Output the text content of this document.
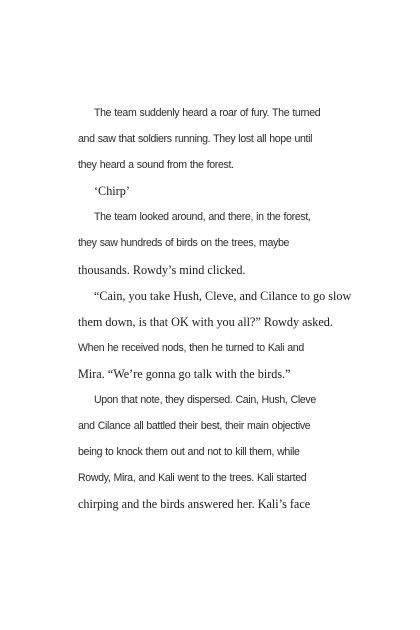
The team suddenly heard a roar of fury. The turned
and saw that soldiers running. They lost all hope until
they heard a sound from the forest.
‘Chirp’
The team looked around, and there, in the forest,
they saw hundreds of birds on the trees, maybe
thousands. Rowdy’s mind clicked.
“Cain, you take Hush, Cleve, and Cilance to go slow
them down, is that OK with you all?” Rowdy asked.
When he received nods, then he turned to Kali and
Mira. “We’re gonna go talk with the birds.”
Upon that note, they dispersed. Cain, Hush, Cleve
and Cilance all battled their best, their main objective
being to knock them out and not to kill them, while
Rowdy, Mira, and Kali went to the trees. Kali started
chirping and the birds answered her. Kali’s face
